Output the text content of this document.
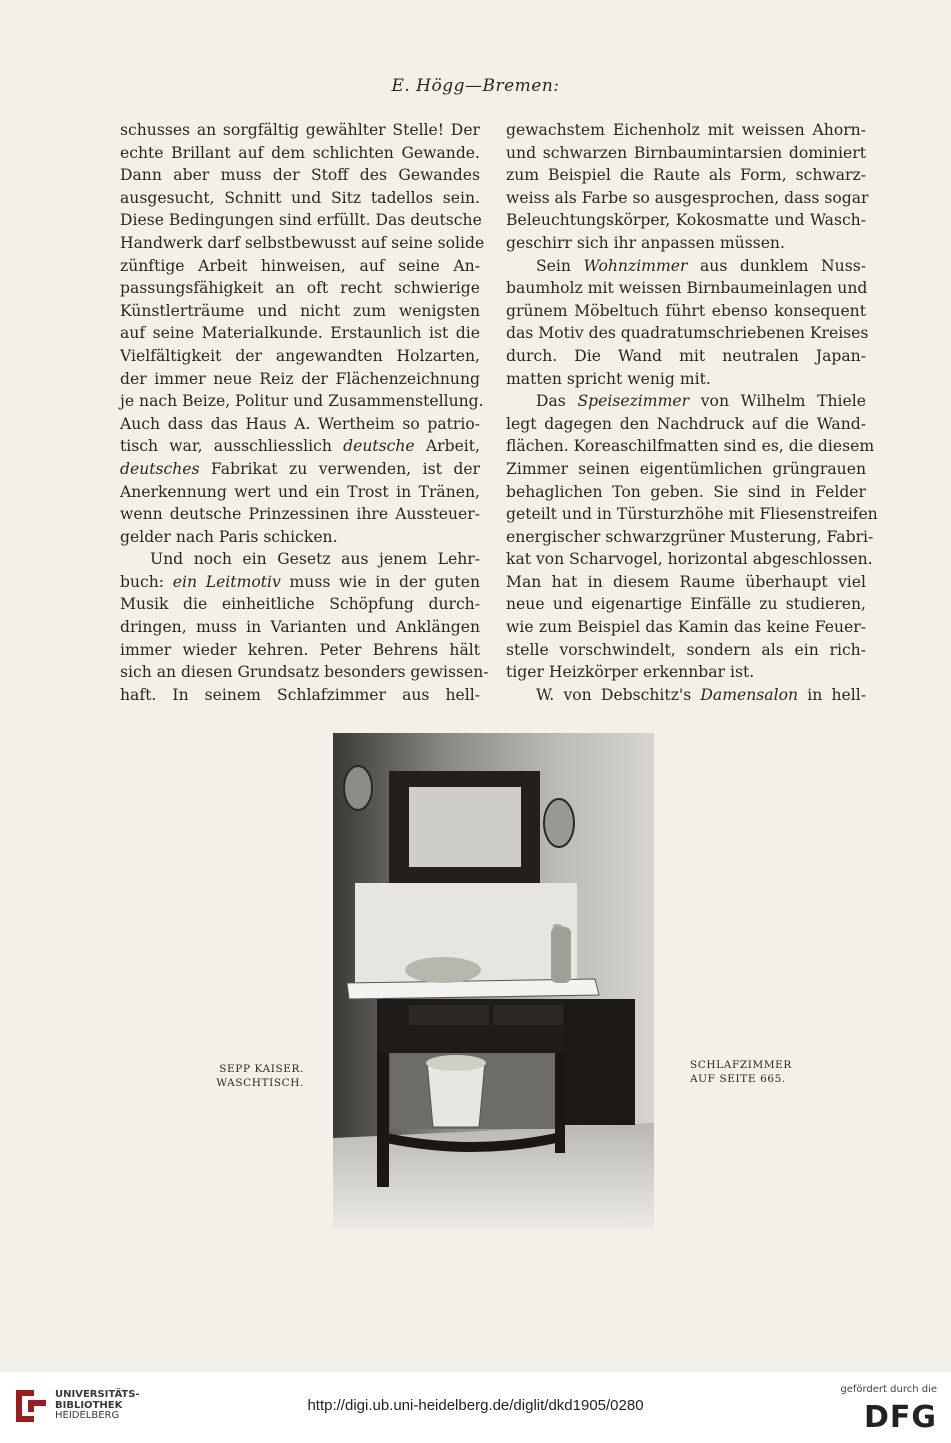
E. Högg—Bremen:
schusses an sorgfältig gewählter Stelle! Der
echte Brillant auf dem schlichten Gewande.
Dann aber muss der Stoff des Gewandes
ausgesucht, Schnitt und Sitz tadellos sein.
Diese Bedingungen sind erfüllt. Das deutsche
Handwerk darf selbstbewusst auf seine solide
zünftige Arbeit hinweisen, auf seine An-
passungsfähigkeit an oft recht schwierige
Künstlerträume und nicht zum wenigsten
auf seine Materialkunde. Erstaunlich ist die
Vielfältigkeit der angewandten Holzarten,
der immer neue Reiz der Flächenzeichnung
je nach Beize, Politur und Zusammenstellung.
Auch dass das Haus A. Wertheim so patrio-
tisch war, ausschliesslich deutsche Arbeit,
deutsches Fabrikat zu verwenden, ist der
Anerkennung wert und ein Trost in Tränen,
wenn deutsche Prinzessinen ihre Aussteuer-
gelder nach Paris schicken.
Und noch ein Gesetz aus jenem Lehr-
buch: ein Leitmotiv muss wie in der guten
Musik die einheitliche Schöpfung durch-
dringen, muss in Varianten und Anklängen
immer wieder kehren. Peter Behrens hält
sich an diesen Grundsatz besonders gewissen-
haft. In seinem Schlafzimmer aus hell-
gewachstem Eichenholz mit weissen Ahorn-
und schwarzen Birnbaumintarsien dominiert
zum Beispiel die Raute als Form, schwarz-
weiss als Farbe so ausgesprochen, dass sogar
Beleuchtungskörper, Kokosmatte und Wasch-
geschirr sich ihr anpassen müssen.
Sein Wohnzimmer aus dunklem Nuss-
baumholz mit weissen Birnbaumeinlagen und
grünem Möbeltuch führt ebenso konsequent
das Motiv des quadratumschriebenen Kreises
durch. Die Wand mit neutralen Japan-
matten spricht wenig mit.
Das Speisezimmer von Wilhelm Thiele
legt dagegen den Nachdruck auf die Wand-
flächen. Koreaschilfmatten sind es, die diesem
Zimmer seinen eigentümlichen grüngrauen
behaglichen Ton geben. Sie sind in Felder
geteilt und in Türsturzhöhe mit Fliesenstreifen
energischer schwarzgrüner Musterung, Fabri-
kat von Scharvogel, horizontal abgeschlossen.
Man hat in diesem Raume überhaupt viel
neue und eigenartige Einfälle zu studieren,
wie zum Beispiel das Kamin das keine Feuer-
stelle vorschwindelt, sondern als ein rich-
tiger Heizkörper erkennbar ist.
W. von Debschitz's Damensalon in hell-
SEPP KAISER.
WASCHTISCH.
MRG
SCHLAFZIMMER
AUF SEITE 665.
UNIVERSITÄTS-
BIBLIOTHEK
HEIDELBERG
http://digi.ub.uni-heidelberg.de/diglit/dkd1905/0280
gefördert durch die
DFG
